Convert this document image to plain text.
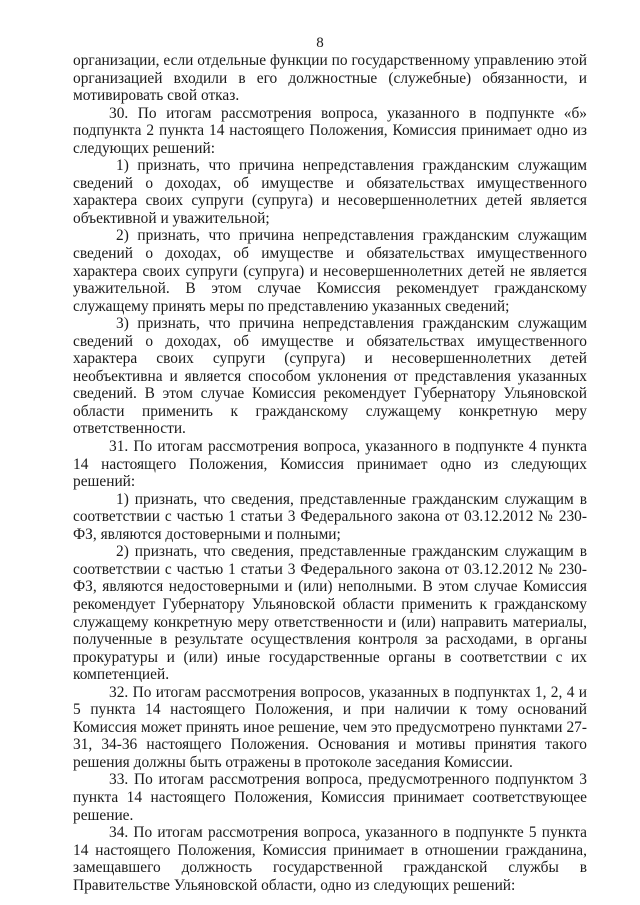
8

организации, если отдельные функции по государственному управлению этой организацией входили в его должностные (служебные) обязанности, и мотивировать свой отказ.

30. По итогам рассмотрения вопроса, указанного в подпункте «б» подпункта 2 пункта 14 настоящего Положения, Комиссия принимает одно из следующих решений:

1) признать, что причина непредставления гражданским служащим сведений о доходах, об имуществе и обязательствах имущественного характера своих супруги (супруга) и несовершеннолетних детей является объективной и уважительной;

2) признать, что причина непредставления гражданским служащим сведений о доходах, об имуществе и обязательствах имущественного характера своих супруги (супруга) и несовершеннолетних детей не является уважительной. В этом случае Комиссия рекомендует гражданскому служащему принять меры по представлению указанных сведений;

3) признать, что причина непредставления гражданским служащим сведений о доходах, об имуществе и обязательствах имущественного характера своих супруги (супруга) и несовершеннолетних детей необъективна и является способом уклонения от представления указанных сведений. В этом случае Комиссия рекомендует Губернатору Ульяновской области применить к гражданскому служащему конкретную меру ответственности.

31. По итогам рассмотрения вопроса, указанного в подпункте 4 пункта 14 настоящего Положения, Комиссия принимает одно из следующих решений:

1) признать, что сведения, представленные гражданским служащим в соответствии с частью 1 статьи 3 Федерального закона от 03.12.2012 № 230-ФЗ, являются достоверными и полными;

2) признать, что сведения, представленные гражданским служащим в соответствии с частью 1 статьи 3 Федерального закона от 03.12.2012 № 230-ФЗ, являются недостоверными и (или) неполными. В этом случае Комиссия рекомендует Губернатору Ульяновской области применить к гражданскому служащему конкретную меру ответственности и (или) направить материалы, полученные в результате осуществления контроля за расходами, в органы прокуратуры и (или) иные государственные органы в соответствии с их компетенцией.

32. По итогам рассмотрения вопросов, указанных в подпунктах 1, 2, 4 и 5 пункта 14 настоящего Положения, и при наличии к тому оснований Комиссия может принять иное решение, чем это предусмотрено пунктами 27-31, 34-36 настоящего Положения. Основания и мотивы принятия такого решения должны быть отражены в протоколе заседания Комиссии.

33. По итогам рассмотрения вопроса, предусмотренного подпунктом 3 пункта 14 настоящего Положения, Комиссия принимает соответствующее решение.

34. По итогам рассмотрения вопроса, указанного в подпункте 5 пункта 14 настоящего Положения, Комиссия принимает в отношении гражданина, замещавшего должность государственной гражданской службы в Правительстве Ульяновской области, одно из следующих решений:
